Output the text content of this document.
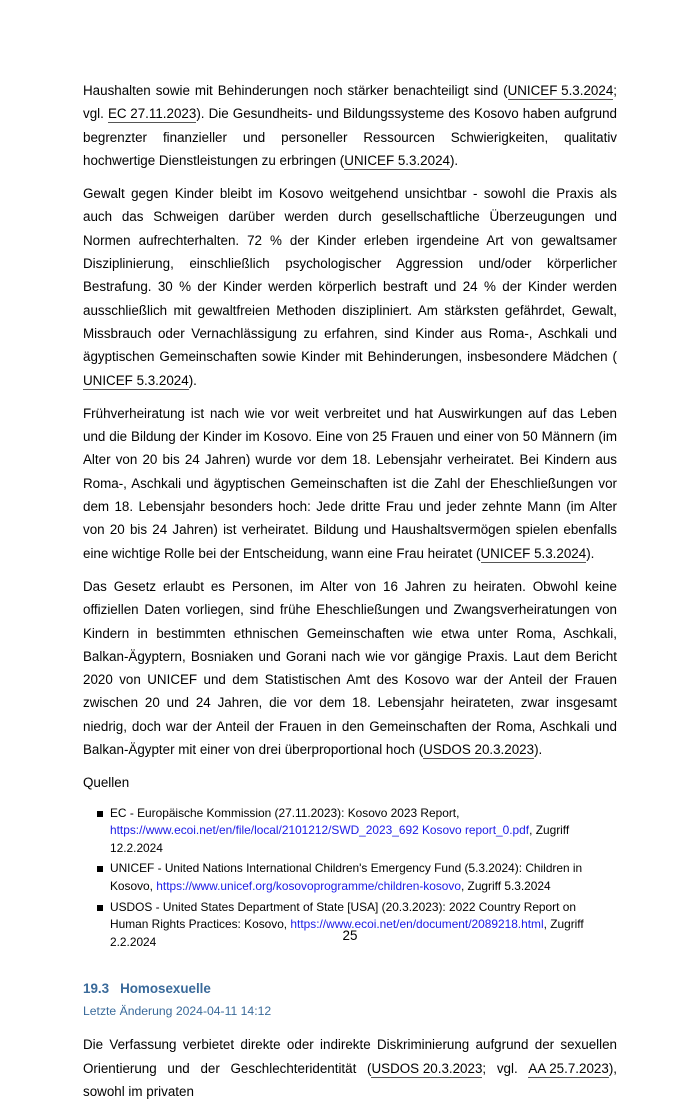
Haushalten sowie mit Behinderungen noch stärker benachteiligt sind (UNICEF 5.3.2024; vgl. EC 27.11.2023). Die Gesundheits- und Bildungssysteme des Kosovo haben aufgrund begrenzter finanzieller und personeller Ressourcen Schwierigkeiten, qualitativ hochwertige Dienstleistungen zu erbringen (UNICEF 5.3.2024).

Gewalt gegen Kinder bleibt im Kosovo weitgehend unsichtbar - sowohl die Praxis als auch das Schweigen darüber werden durch gesellschaftliche Überzeugungen und Normen aufrechterhalten. 72 % der Kinder erleben irgendeine Art von gewaltsamer Disziplinierung, einschließlich psychologischer Aggression und/oder körperlicher Bestrafung. 30 % der Kinder werden körperlich bestraft und 24 % der Kinder werden ausschließlich mit gewaltfreien Methoden diszipliniert. Am stärksten gefährdet, Gewalt, Missbrauch oder Vernachlässigung zu erfahren, sind Kinder aus Roma-, Aschkali und ägyptischen Gemeinschaften sowie Kinder mit Behinderungen, insbesondere Mädchen (UNICEF 5.3.2024).

Frühverheiratung ist nach wie vor weit verbreitet und hat Auswirkungen auf das Leben und die Bildung der Kinder im Kosovo. Eine von 25 Frauen und einer von 50 Männern (im Alter von 20 bis 24 Jahren) wurde vor dem 18. Lebensjahr verheiratet. Bei Kindern aus Roma-, Aschkali und ägyptischen Gemeinschaften ist die Zahl der Eheschließungen vor dem 18. Lebensjahr besonders hoch: Jede dritte Frau und jeder zehnte Mann (im Alter von 20 bis 24 Jahren) ist verheiratet. Bildung und Haushaltsvermögen spielen ebenfalls eine wichtige Rolle bei der Entscheidung, wann eine Frau heiratet (UNICEF 5.3.2024).

Das Gesetz erlaubt es Personen, im Alter von 16 Jahren zu heiraten. Obwohl keine offiziellen Daten vorliegen, sind frühe Eheschließungen und Zwangsverheiratungen von Kindern in bestimmten ethnischen Gemeinschaften wie etwa unter Roma, Aschkali, Balkan-Ägyptern, Bosniaken und Gorani nach wie vor gängige Praxis. Laut dem Bericht 2020 von UNICEF und dem Statistischen Amt des Kosovo war der Anteil der Frauen zwischen 20 und 24 Jahren, die vor dem 18. Lebensjahr heirateten, zwar insgesamt niedrig, doch war der Anteil der Frauen in den Gemeinschaften der Roma, Aschkali und Balkan-Ägypter mit einer von drei überproportional hoch (USDOS 20.3.2023).

Quellen

EC - Europäische Kommission (27.11.2023): Kosovo 2023 Report, https://www.ecoi.net/en/file/local/2101212/SWD_2023_692 Kosovo report_0.pdf, Zugriff 12.2.2024
UNICEF - United Nations International Children's Emergency Fund (5.3.2024): Children in Kosovo, https://www.unicef.org/kosovoprogramme/children-kosovo, Zugriff 5.3.2024
USDOS - United States Department of State [USA] (20.3.2023): 2022 Country Report on Human Rights Practices: Kosovo, https://www.ecoi.net/en/document/2089218.html, Zugriff 2.2.2024
19.3 Homosexuelle
Letzte Änderung 2024-04-11 14:12

Die Verfassung verbietet direkte oder indirekte Diskriminierung aufgrund der sexuellen Orientierung und der Geschlechteridentität (USDOS 20.3.2023; vgl. AA 25.7.2023), sowohl im privaten

25
